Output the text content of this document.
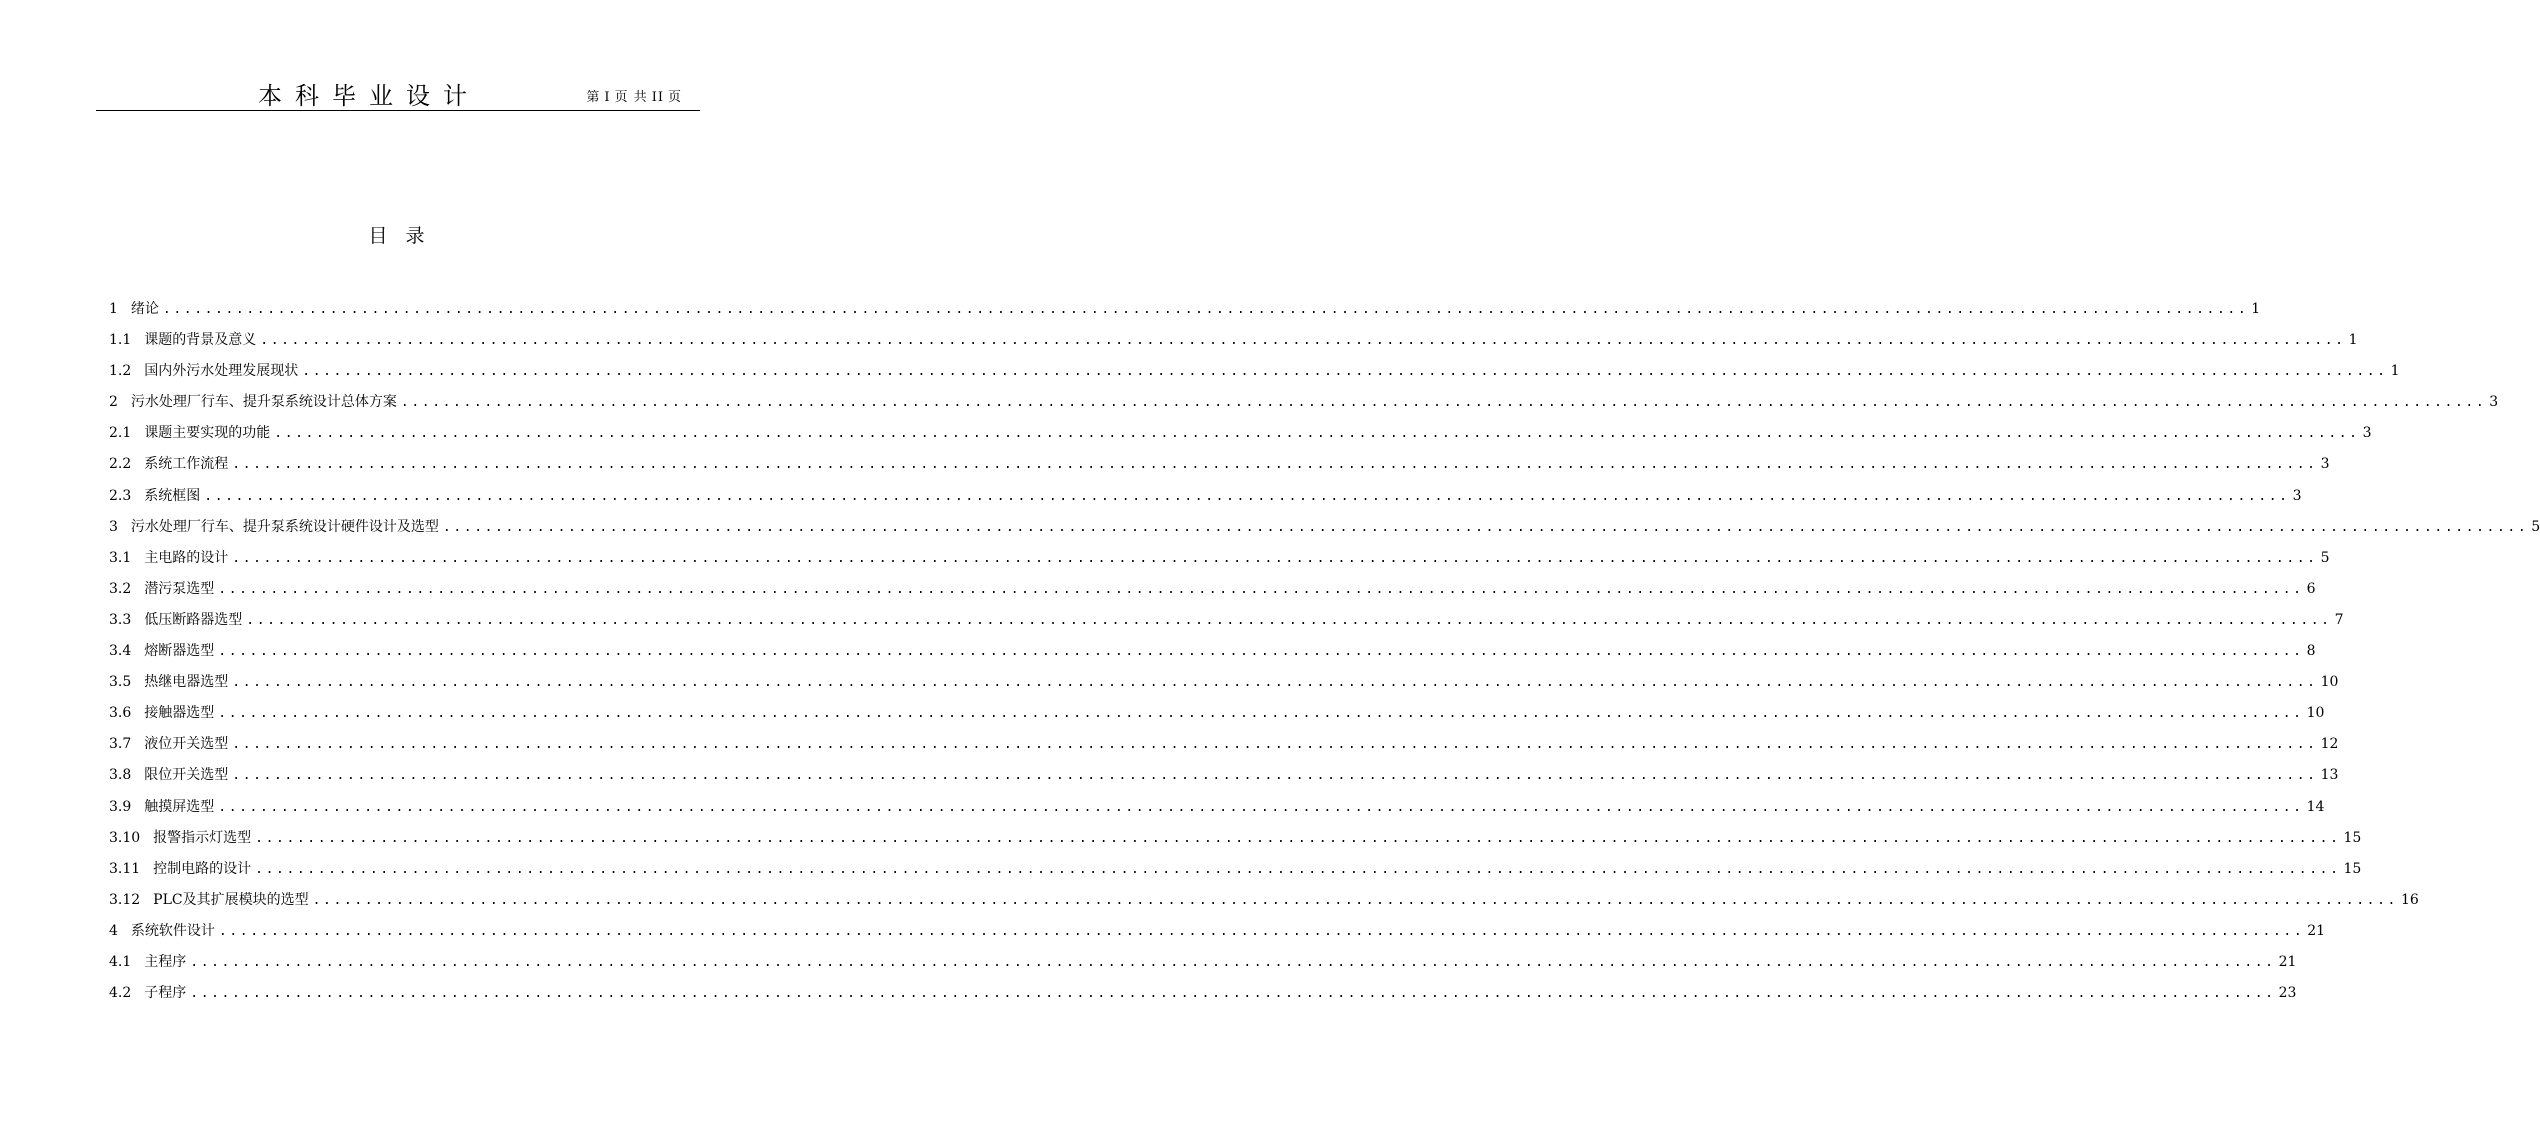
本科毕业设计	第 I 页 共 II 页
目录
1 绪论 ........................................................................................................................................................................................................ 1
1.1 课题的背景及意义 ........................................................................................................................................................................................................ 1
1.2 国内外污水处理发展现状 ........................................................................................................................................................................................................ 1
2 污水处理厂行车、提升泵系统设计总体方案 ........................................................................................................................................................................................................ 3
2.1 课题主要实现的功能 ........................................................................................................................................................................................................ 3
2.2 系统工作流程 ........................................................................................................................................................................................................ 3
2.3 系统框图 ........................................................................................................................................................................................................ 3
3 污水处理厂行车、提升泵系统设计硬件设计及选型 ........................................................................................................................................................................................................ 5
3.1 主电路的设计 ........................................................................................................................................................................................................ 5
3.2 潜污泵选型 ........................................................................................................................................................................................................ 6
3.3 低压断路器选型 ........................................................................................................................................................................................................ 7
3.4 熔断器选型 ........................................................................................................................................................................................................ 8
3.5 热继电器选型 ........................................................................................................................................................................................................ 10
3.6 接触器选型 ........................................................................................................................................................................................................ 10
3.7 液位开关选型 ........................................................................................................................................................................................................ 12
3.8 限位开关选型 ........................................................................................................................................................................................................ 13
3.9 触摸屏选型 ........................................................................................................................................................................................................ 14
3.10 报警指示灯选型 ........................................................................................................................................................................................................ 15
3.11 控制电路的设计 ........................................................................................................................................................................................................ 15
3.12 PLC及其扩展模块的选型 ........................................................................................................................................................................................................ 16
4 系统软件设计 ........................................................................................................................................................................................................ 21
4.1 主程序 ........................................................................................................................................................................................................ 21
4.2 子程序 ........................................................................................................................................................................................................ 23
